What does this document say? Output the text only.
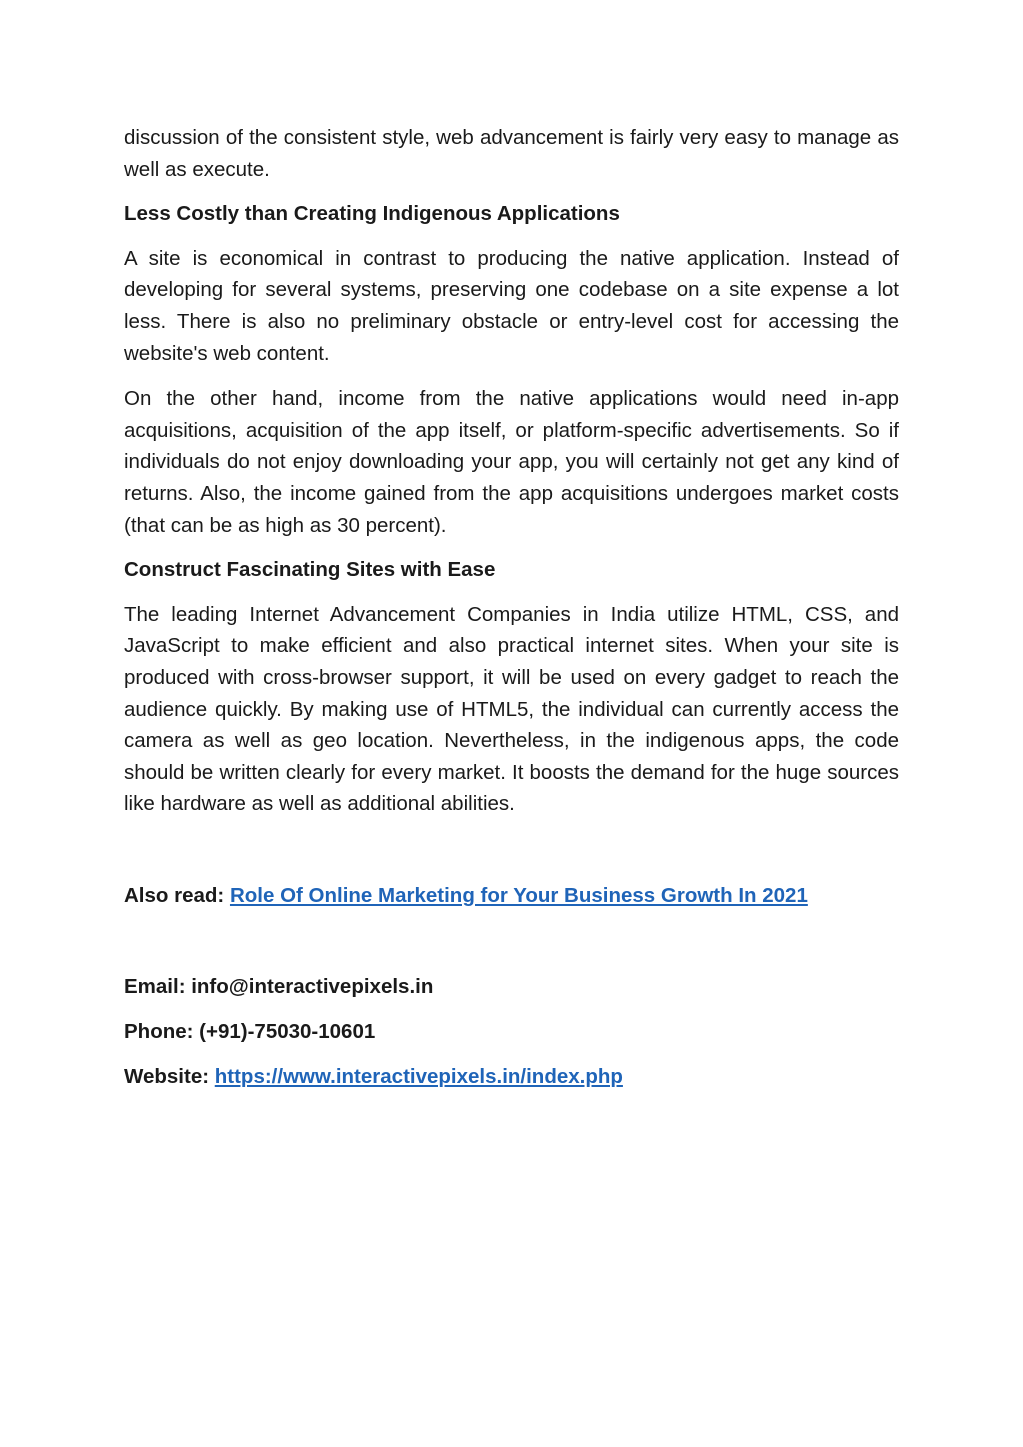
discussion of the consistent style, web advancement is fairly very easy to manage as well as execute.

Less Costly than Creating Indigenous Applications

A site is economical in contrast to producing the native application. Instead of developing for several systems, preserving one codebase on a site expense a lot less. There is also no preliminary obstacle or entry-level cost for accessing the website's web content.

On the other hand, income from the native applications would need in-app acquisitions, acquisition of the app itself, or platform-specific advertisements. So if individuals do not enjoy downloading your app, you will certainly not get any kind of returns. Also, the income gained from the app acquisitions undergoes market costs (that can be as high as 30 percent).

Construct Fascinating Sites with Ease

The leading Internet Advancement Companies in India utilize HTML, CSS, and JavaScript to make efficient and also practical internet sites. When your site is produced with cross-browser support, it will be used on every gadget to reach the audience quickly. By making use of HTML5, the individual can currently access the camera as well as geo location. Nevertheless, in the indigenous apps, the code should be written clearly for every market. It boosts the demand for the huge sources like hardware as well as additional abilities.

Also read: Role Of Online Marketing for Your Business Growth In 2021

Email: info@interactivepixels.in

Phone: (+91)-75030-10601

Website: https://www.interactivepixels.in/index.php
